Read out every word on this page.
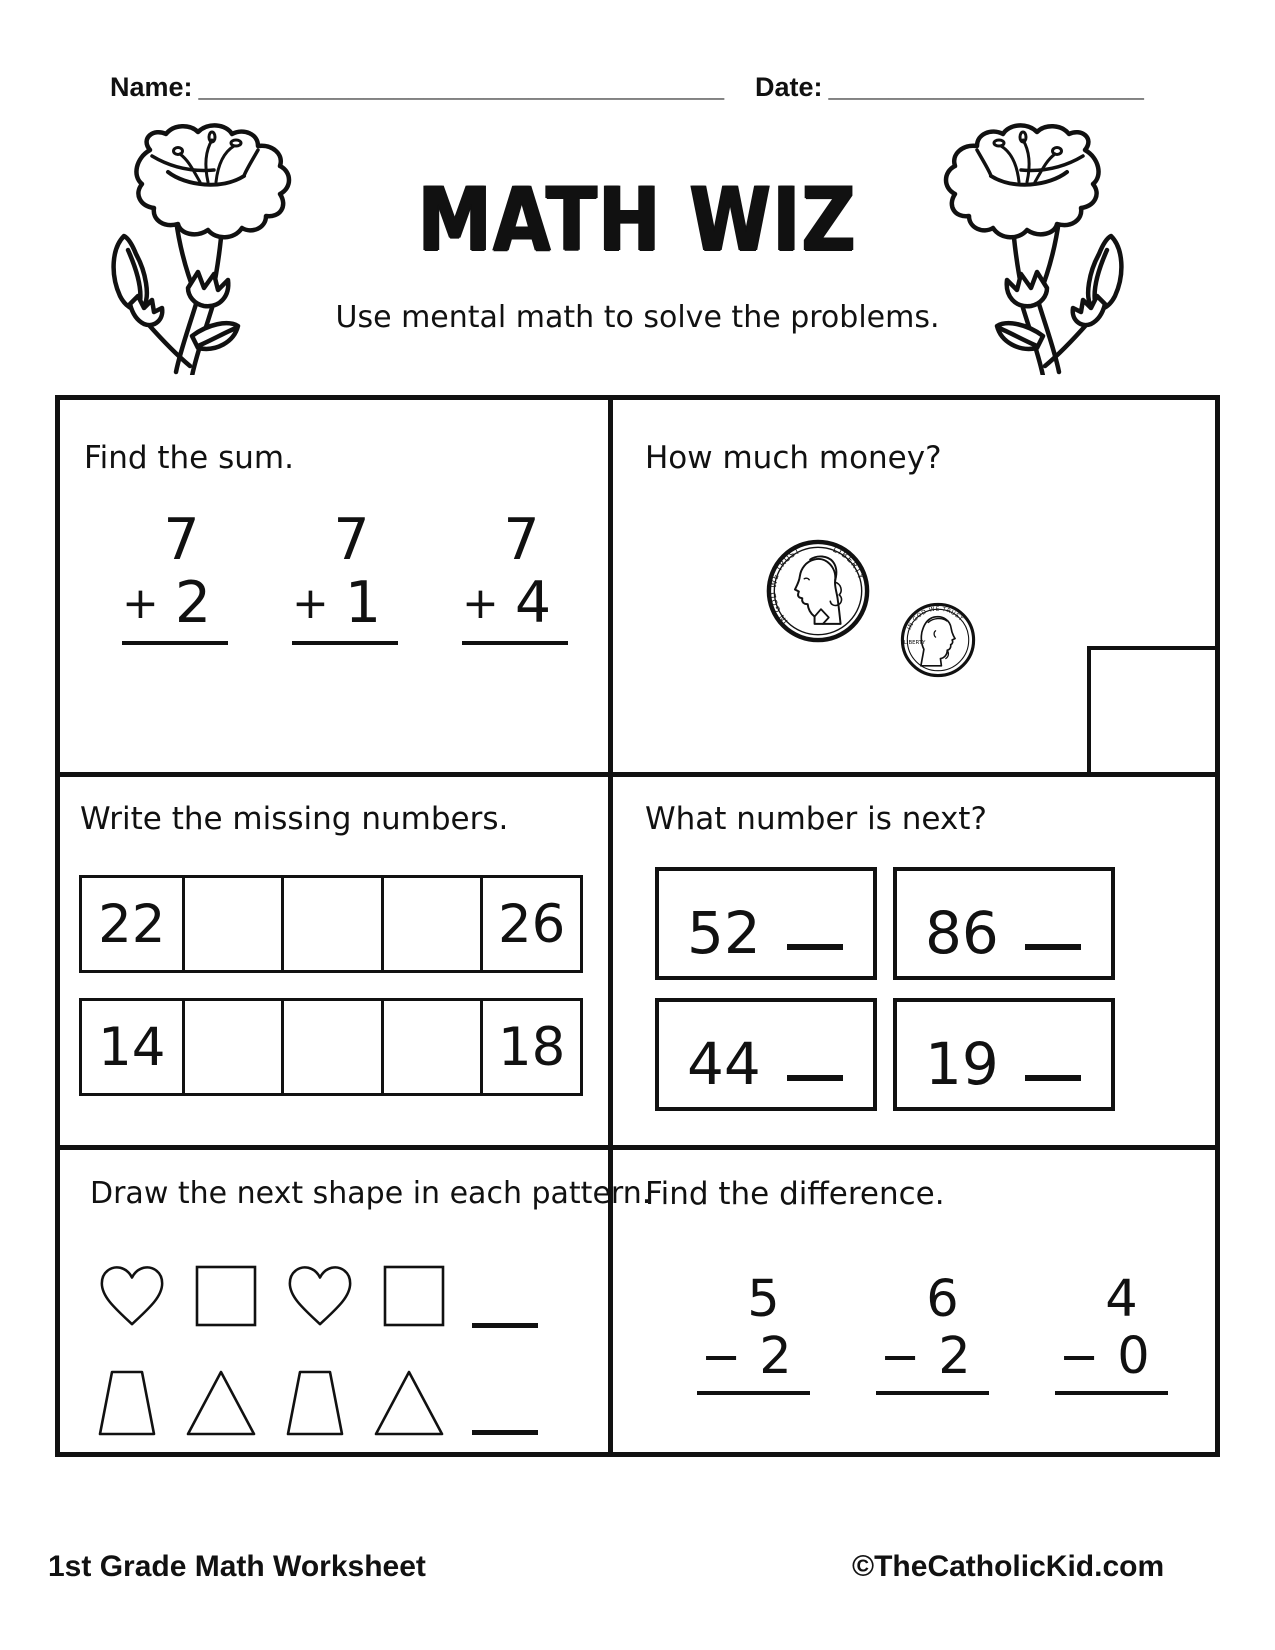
Name: ___________________________________ Date: _____________________
MATH WIZ
Use mental math to solve the problems.
Find the sum.
7
+ 2
7
+ 1
7
+ 4
How much money?
IN GOD WE TRUST	LIBERTY
IN GOD WE TRUST
LIBERTY
Write the missing numbers.
22	26
14	18
What number is next?
52	86
44	19
Draw the next shape in each pattern.
Find the difference.
5
− 2
6
− 2
4
− 0
1st Grade Math Worksheet	©TheCatholicKid.com
